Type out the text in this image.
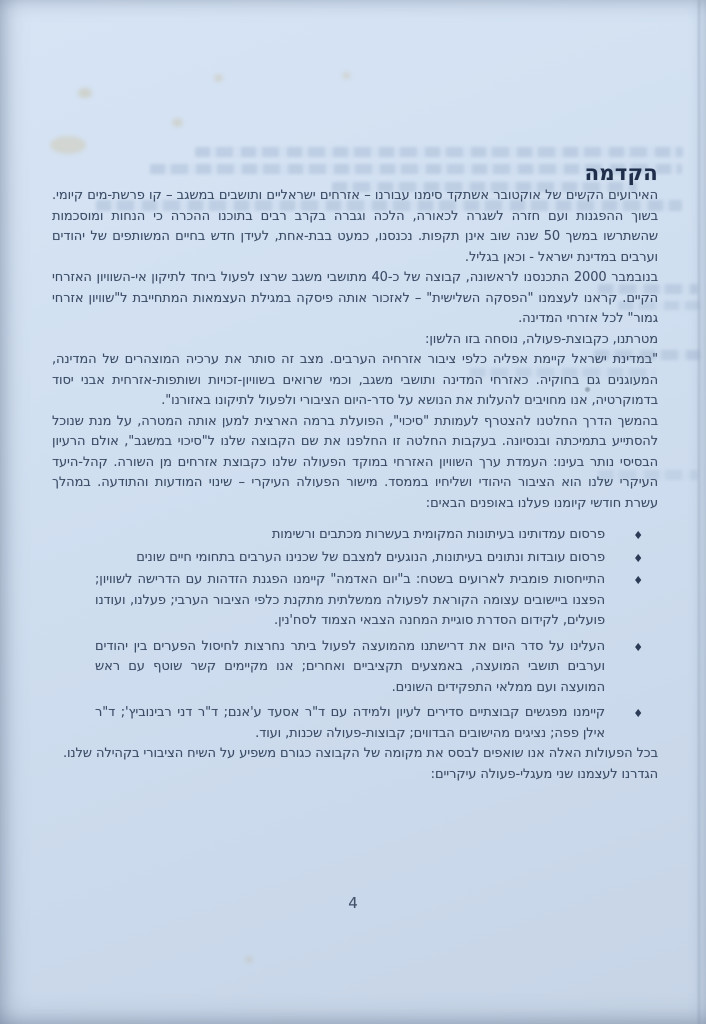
הקדמה

האירועים הקשים של אוקטובר אשתקד סימנו עבורנו – אזרחים ישראליים ותושבים במשגב – קו פרשת-מים קיומי. בשוך ההפגנות ועם חזרה לשגרה לכאורה, הלכה וגברה בקרב רבים בתוכנו ההכרה כי הנחות ומוסכמות שהשתרשו במשך 50 שנה שוב אינן תקפות. נכנסנו, כמעט בבת-אחת, לעידן חדש בחיים המשותפים של יהודים וערבים במדינת ישראל - וכאן בגליל.

בנובמבר 2000 התכנסנו לראשונה, קבוצה של כ-40 מתושבי משגב שרצו לפעול ביחד לתיקון אי-השוויון האזרחי הקיים. קראנו לעצמנו "הפסקה השלישית" – לאזכור אותה פיסקה במגילת העצמאות המתחייבת ל"שוויון אזרחי גמור" לכל אזרחי המדינה.

מטרתנו, כקבוצת-פעולה, נוסחה בזו הלשון:

"במדינת ישראל קיימת אפליה כלפי ציבור אזרחיה הערבים. מצב זה סותר את ערכיה המוצהרים של המדינה, המעוגנים גם בחוקיה. כאזרחי המדינה ותושבי משגב, וכמי שרואים בשוויון-זכויות ושותפות-אזרחית אבני יסוד בדמוקרטיה, אנו מחויבים להעלות את הנושא על סדר-היום הציבורי ולפעול לתיקונו באזורנו".

בהמשך הדרך החלטנו להצטרף לעמותת "סיכוי", הפועלת ברמה הארצית למען אותה המטרה, על מנת שנוכל להסתייע בתמיכתה ובנסיונה. בעקבות החלטה זו החלפנו את שם הקבוצה שלנו ל"סיכוי במשגב", אולם הרעיון הבסיסי נותר בעינו: העמדת ערך השוויון האזרחי במוקד הפעולה שלנו כקבוצת אזרחים מן השורה. קהל-היעד העיקרי שלנו הוא הציבור היהודי ושליחיו בממסד. מישור הפעולה העיקרי – שינוי המודעות והתודעה. במהלך עשרת חודשי קיומנו פעלנו באופנים הבאים:

♦
פרסום עמדותינו בעיתונות המקומית בעשרות מכתבים ורשימות
♦
פרסום עובדות ונתונים בעיתונות, הנוגעים למצבם של שכנינו הערבים בתחומי חיים שונים
♦
התייחסות פומבית לארועים בשטח: ב"יום האדמה" קיימנו הפגנת הזדהות עם הדרישה לשוויון; הפצנו ביישובים עצומה הקוראת לפעולה ממשלתית מתקנת כלפי הציבור הערבי; פעלנו, ועודנו פועלים, לקידום הסדרת סוגיית המחנה הצבאי הצמוד לסח'נין.
♦
העלינו על סדר היום את דרישתנו מהמועצה לפעול ביתר נחרצות לחיסול הפערים בין יהודים וערבים תושבי המועצה, באמצעים תקציביים ואחרים; אנו מקיימים קשר שוטף עם ראש המועצה ועם ממלאי התפקידים השונים.
♦
קיימנו מפגשים קבוצתיים סדירים לעיון ולמידה עם ד"ר אסעד ע'אנם; ד"ר דני רבינוביץ'; ד"ר אילן פפה; נציגים מהישובים הבדווים; קבוצות-פעולה שכנות, ועוד.

בכל הפעולות האלה אנו שואפים לבסס את מקומה של הקבוצה כגורם משפיע על השיח הציבורי בקהילה שלנו.

הגדרנו לעצמנו שני מעגלי-פעולה עיקריים:

4
